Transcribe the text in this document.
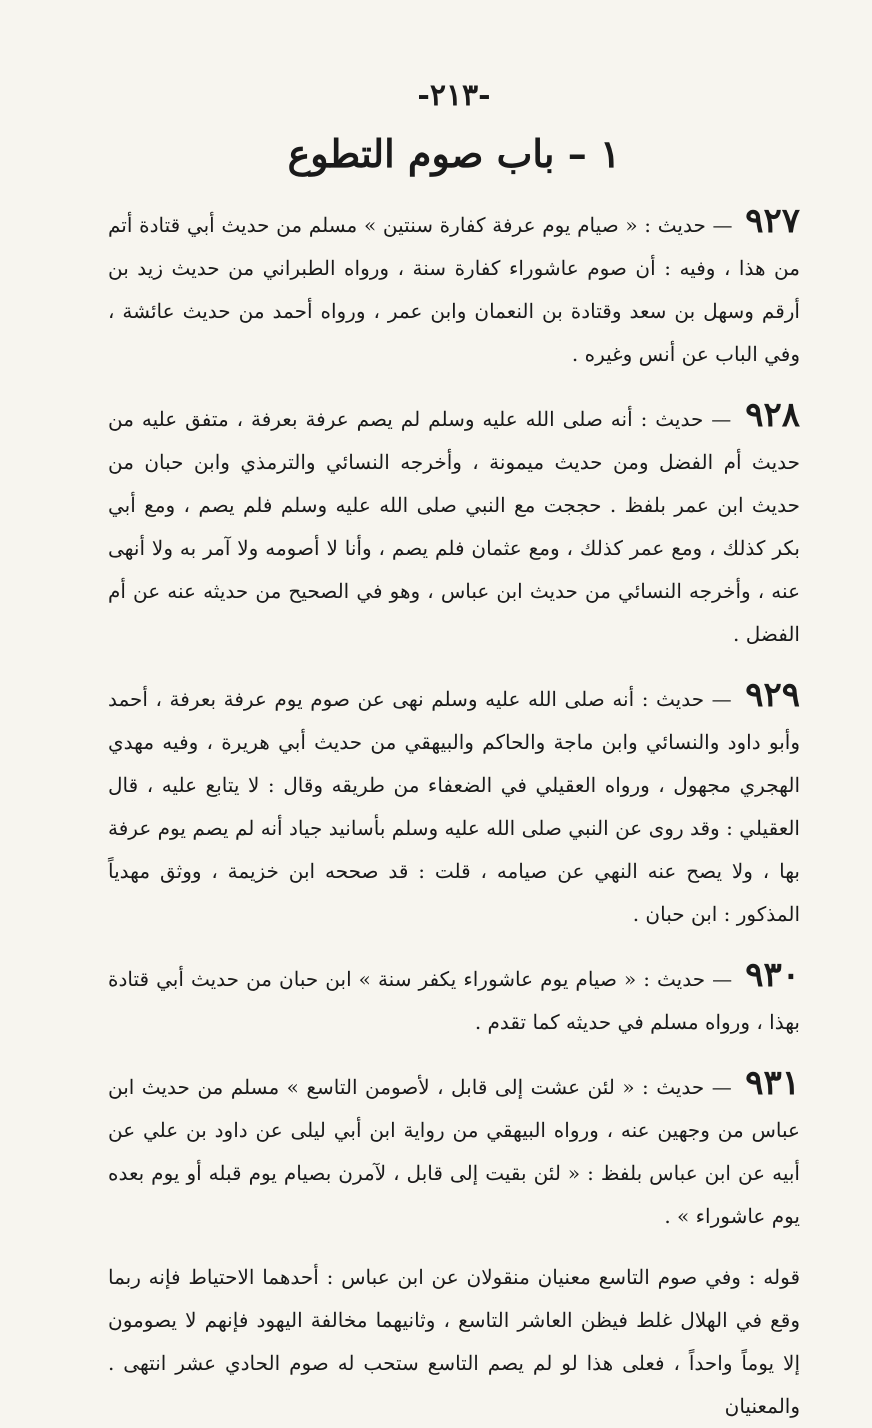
-٢١٣-
١ – باب صوم التطوع
٩٢٧ — حديث : « صيام يوم عرفة كفارة سنتين » مسلم من حديث أبي قتادة أتم من هذا ، وفيه : أن صوم عاشوراء كفارة سنة ، ورواه الطبراني من حديث زيد بن أرقم وسهل بن سعد وقتادة بن النعمان وابن عمر ، ورواه أحمد من حديث عائشة ، وفي الباب عن أنس وغيره .
٩٢٨ — حديث : أنه صلى الله عليه وسلم لم يصم عرفة بعرفة ، متفق عليه من حديث أم الفضل ومن حديث ميمونة ، وأخرجه النسائي والترمذي وابن حبان من حديث ابن عمر بلفظ . حججت مع النبي صلى الله عليه وسلم فلم يصم ، ومع أبي بكر كذلك ، ومع عمر كذلك ، ومع عثمان فلم يصم ، وأنا لا أصومه ولا آمر به ولا أنهى عنه ، وأخرجه النسائي من حديث ابن عباس ، وهو في الصحيح من حديثه عنه عن أم الفضل .
٩٢٩ — حديث : أنه صلى الله عليه وسلم نهى عن صوم يوم عرفة بعرفة ، أحمد وأبو داود والنسائي وابن ماجة والحاكم والبيهقي من حديث أبي هريرة ، وفيه مهدي الهجري مجهول ، ورواه العقيلي في الضعفاء من طريقه وقال : لا يتابع عليه ، قال العقيلي : وقد روى عن النبي صلى الله عليه وسلم بأسانيد جياد أنه لم يصم يوم عرفة بها ، ولا يصح عنه النهي عن صيامه ، قلت : قد صححه ابن خزيمة ، ووثق مهدياً المذكور : ابن حبان .
٩٣٠ — حديث : « صيام يوم عاشوراء يكفر سنة » ابن حبان من حديث أبي قتادة بهذا ، ورواه مسلم في حديثه كما تقدم .
٩٣١ — حديث : « لئن عشت إلى قابل ، لأصومن التاسع » مسلم من حديث ابن عباس من وجهين عنه ، ورواه البيهقي من رواية ابن أبي ليلى عن داود بن علي عن أبيه عن ابن عباس بلفظ : « لئن بقيت إلى قابل ، لآمرن بصيام يوم قبله أو يوم بعده يوم عاشوراء » .

قوله : وفي صوم التاسع معنيان منقولان عن ابن عباس : أحدهما الاحتياط فإنه ربما وقع في الهلال غلط فيظن العاشر التاسع ، وثانيهما مخالفة اليهود فإنهم لا يصومون إلا يوماً واحداً ، فعلى هذا لو لم يصم التاسع ستحب له صوم الحادي عشر انتهى . والمعنيان
